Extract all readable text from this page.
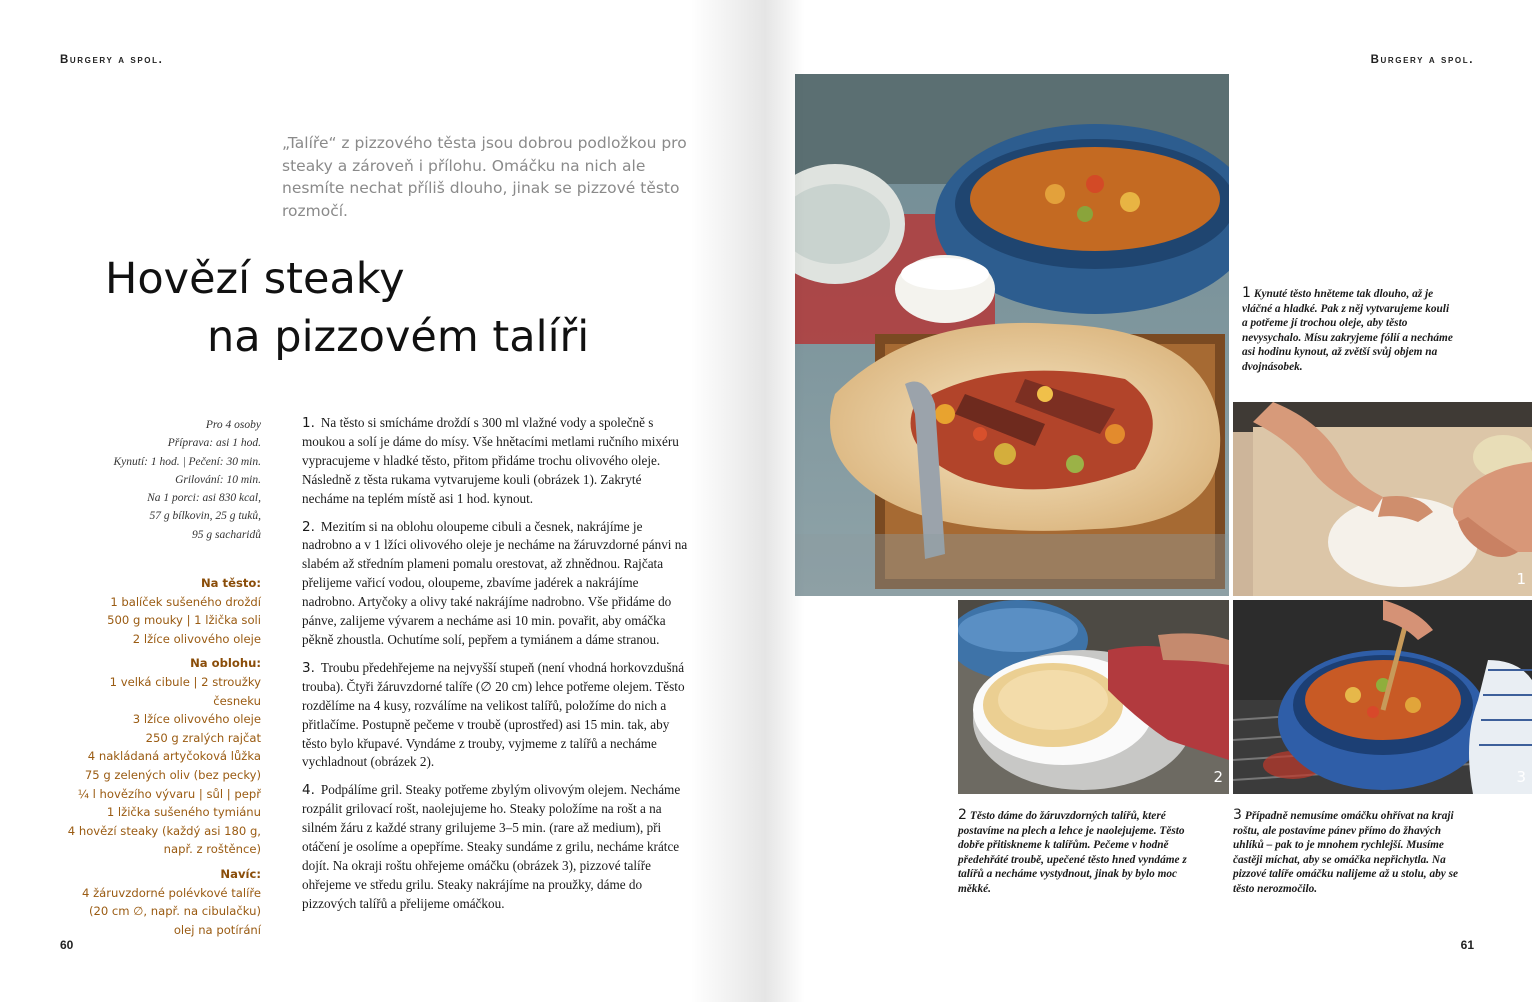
Burgery a spol.
„Talíře“ z pizzového těsta jsou dobrou podložkou pro steaky a zároveň i přílohu. Omáčku na nich ale nesmíte nechat příliš dlouho, jinak se pizzové těsto rozmočí.
Hovězí steaky
na pizzovém talíři
Pro 4 osoby
Příprava: asi 1 hod.
Kynutí: 1 hod. | Pečení: 30 min.
Grilování: 10 min.
Na 1 porci: asi 830 kcal,
57 g bílkovin, 25 g tuků,
95 g sacharidů
Na těsto:
1 balíček sušeného droždí
500 g mouky | 1 lžička soli
2 lžíce olivového oleje
Na oblohu:
1 velká cibule | 2 stroužky česneku
3 lžíce olivového oleje
250 g zralých rajčat
4 nakládaná artyčoková lůžka
75 g zelených oliv (bez pecky)
¼ l hovězího vývaru | sůl | pepř
1 lžička sušeného tymiánu
4 hovězí steaky (každý asi 180 g,
např. z roštěnce)
Navíc:
4 žáruvzdorné polévkové talíře
(20 cm ∅, např. na cibulačku)
olej na potírání

1. Na těsto si smícháme droždí s 300 ml vlažné vody a společně s moukou a solí je dáme do mísy. Vše hnětacími metlami ručního mixéru vypracujeme v hladké těsto, přitom přidáme trochu olivového oleje. Následně z těsta rukama vytvarujeme kouli (obrázek 1). Zakryté necháme na teplém místě asi 1 hod. kynout.

2. Mezitím si na oblohu oloupeme cibuli a česnek, nakrájíme je nadrobno a v 1 lžíci olivového oleje je necháme na žáruvzdorné pánvi na slabém až středním plameni pomalu orestovat, až zhnědnou. Rajčata přelijeme vařicí vodou, oloupeme, zbavíme jadérek a nakrájíme nadrobno. Artyčoky a olivy také nakrájíme nadrobno. Vše přidáme do pánve, zalijeme vývarem a necháme asi 10 min. povařit, aby omáčka pěkně zhoustla. Ochutíme solí, pepřem a tymiánem a dáme stranou.

3. Troubu předehřejeme na nejvyšší stupeň (není vhodná horkovzdušná trouba). Čtyři žáruvzdorné talíře (∅ 20 cm) lehce potřeme olejem. Těsto rozdělíme na 4 kusy, rozválíme na velikost talířů, položíme do nich a přitlačíme. Postupně pečeme v troubě (uprostřed) asi 15 min. tak, aby těsto bylo křupavé. Vyndáme z trouby, vyjmeme z talířů a necháme vychladnout (obrázek 2).

4. Podpálíme gril. Steaky potřeme zbylým olivovým olejem. Necháme rozpálit grilovací rošt, naolejujeme ho. Steaky položíme na rošt a na silném žáru z každé strany grilujeme 3–5 min. (rare až medium), při otáčení je osolíme a opepříme. Steaky sundáme z grilu, necháme krátce dojít. Na okraji roštu ohřejeme omáčku (obrázek 3), pizzové talíře ohřejeme ve středu grilu. Steaky nakrájíme na proužky, dáme do pizzových talířů a přelijeme omáčkou.

60
Burgery a spol.
1 Kynuté těsto hněteme tak dlouho, až je vláčné a hladké. Pak z něj vytvarujeme kouli a potřeme jí trochou oleje, aby těsto nevysychalo. Mísu zakryjeme fólií a necháme asi hodinu kynout, až zvětší svůj objem na dvojnásobek.
1
2	3
2 Těsto dáme do žáruvzdorných talířů, které postavíme na plech a lehce je naolejujeme. Těsto dobře přitiskneme k talířům. Pečeme v hodně předehřáté troubě, upečené těsto hned vyndáme z talířů a necháme vystydnout, jinak by bylo moc měkké.
3 Případně nemusíme omáčku ohřívat na kraji roštu, ale postavíme pánev přímo do žhavých uhlíků – pak to je mnohem rychlejší. Musíme častěji míchat, aby se omáčka nepřichytla. Na pizzové talíře omáčku nalijeme až u stolu, aby se těsto nerozmočilo.
61
